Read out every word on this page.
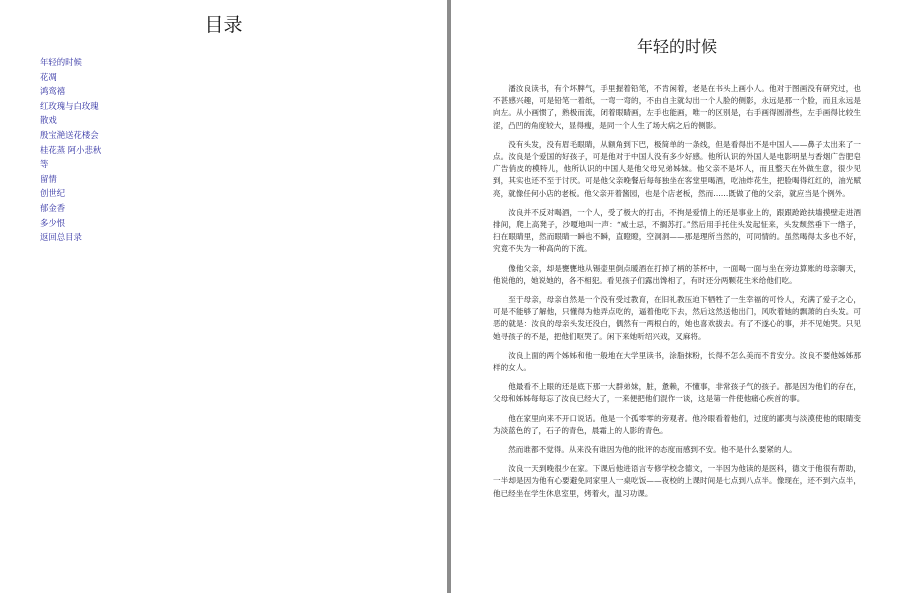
目录
年轻的时候
花凋
鸿鸾禧
红玫瑰与白玫瑰
散戏
殷宝滟送花楼会
桂花蒸 阿小悲秋
等
留情
创世纪
郁金香
多少恨
返回总目录
年轻的时候

潘汝良读书，有个坏脾气，手里握着铅笔，不肯闲着，老是在书头上画小人。他对于图画没有研究过，也不甚感兴趣，可是铅笔一着纸，一弯一弯的，不由自主就勾出一个人脸的侧影，永远是那一个脸，而且永远是向左。从小画惯了，熟极而流，闭着眼睛画，左手也能画，唯一的区别是，右手画得圆滑些，左手画得比较生涩，凸凹的角度较大，显得瘦，是同一个人生了场大病之后的侧影。

没有头发，没有眉毛眼睛，从额角到下巴，极简单的一条线，但是看得出不是中国人——鼻子太出来了一点。汝良是个爱国的好孩子，可是他对于中国人没有多少好感。他所认识的外国人是电影明星与香烟广告肥皂广告俏皮的模特儿，他所认识的中国人是他父母兄弟姊妹。他父亲不是坏人，而且整天在外做生意，很少见到，其实也还不至于讨厌。可是他父亲晚餐后每每独坐在客堂里喝酒，吃油炸花生，把脸喝得红红的，油光赋亮，就像任何小店的老板。他父亲开着酱园，也是个店老板，然而……既做了他的父亲，就应当是个例外。

汝良并不反对喝酒，一个人，受了极大的打击，不拘是爱情上的还是事业上的，跟跟跄跄扶墙摸壁走进酒排间，爬上高凳子，沙嗄地叫一声：“威士忌，不搁苏打。”然后用手托住头发起怔来，头发颓然垂下一绺子，扫在眼睛里，然而眼睛一瞬也不瞬，直瞪瞪，空洞洞——那是理所当然的，可同情的。虽然喝得太多也不好，究竟不失为一种高尚的下流。

像他父亲，却是甕甕地从锡壶里倒点暖酒在打掉了柄的茶杯中，一面喝一面与坐在旁边算账的母亲聊天，他说他的，她说她的，各不相犯。看见孩子们露出馋相了，有时还分两颗花生米给他们吃。

至于母亲，母亲自然是一个没有受过教育，在旧礼教压迫下牺牲了一生幸福的可怜人，充满了爱子之心，可是不能够了解他，只懂得为他弄点吃的，逼着他吃下去，然后这然送他出门，风吹着她的飘萧的白头发。可恶的就是：汝良的母亲头发还没白，偶然有一两根白的，她也喜欢拔去。有了不遂心的事，并不见她哭。只见她寻孩子的不是，把他们呕哭了。闲下来她听绍兴戏，叉麻将。

汝良上面的两个姊姊和他一般地在大学里读书，涂脂抹粉，长得不怎么美而不肯安分。汝良不要他姊姊那样的女人。

他最看不上眼的还是底下那一大群弟妹，脏，惫赖，不懂事，非常孩子气的孩子。都是因为他们的存在，父母和姊姊每每忘了汝良已经大了，一来便把他们混作一谈，这是第一件使他痛心疾首的事。

他在家里向来不开口说话。他是一个孤零零的旁观者。他冷眼看着他们，过度的鄙夷与淡漠使他的眼睛变为淡蓝色的了，石子的青色，晨霜上的人影的青色。

然而谁都不觉得。从来没有谁因为他的批评的态度而感到不安。他不是什么要紧的人。

汝良一天到晚很少在家。下课后他进语言专修学校念德文，一半因为他读的是医科，德文于他很有帮助，一半却是因为他有心要避免同家里人一桌吃饭——夜校的上课时间是七点到八点半。像现在，还不到六点半，他已经坐在学生休息室里，烤着火，温习功课。
